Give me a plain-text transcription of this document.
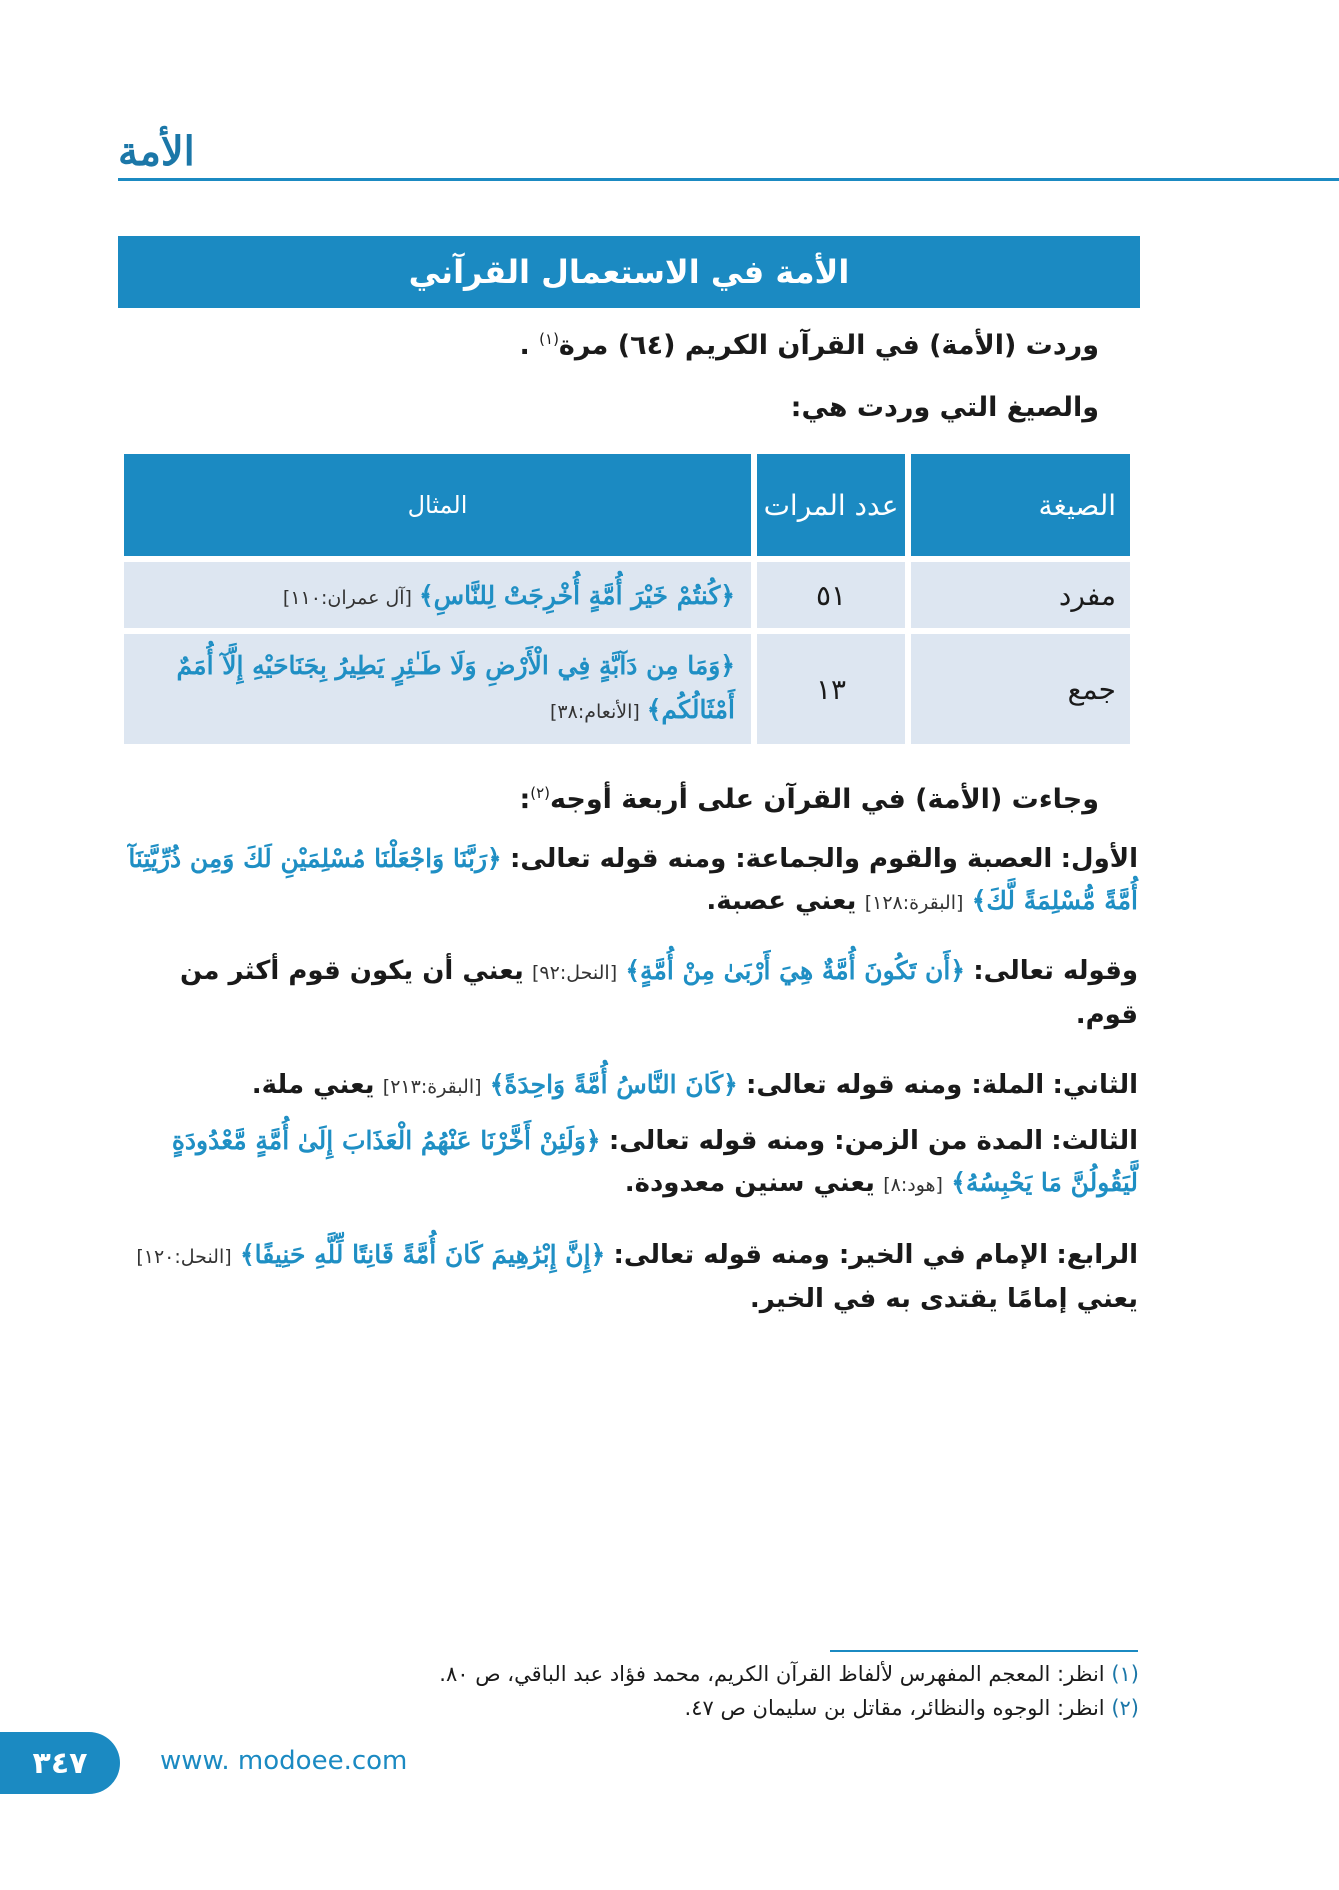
الأمة
الأمة في الاستعمال القرآني
وردت (الأمة) في القرآن الكريم (٦٤) مرة$^{(١)}$ .
والصيغ التي وردت هي:
الصيغة	عدد المرات	المثال
مفرد	٥١	﴿كُنتُمْ خَيْرَ أُمَّةٍ أُخْرِجَتْ لِلنَّاسِ﴾ [آل عمران:١١٠]
جمع	١٣	﴿وَمَا مِن دَآبَّةٍ فِي الْأَرْضِ وَلَا طَـٰئِرٍ يَطِيرُ بِجَنَاحَيْهِ إِلَّآ أُمَمٌ أَمْثَالُكُم﴾ [الأنعام:٣٨]
وجاءت (الأمة) في القرآن على أربعة أوجه$^{(٢)}$:
الأول: العصبة والقوم والجماعة: ومنه قوله تعالى: ﴿رَبَّنَا وَاجْعَلْنَا مُسْلِمَيْنِ لَكَ وَمِن ذُرِّيَّتِنَآ أُمَّةً مُّسْلِمَةً لَّكَ﴾ [البقرة:١٢٨] يعني عصبة.
وقوله تعالى: ﴿أَن تَكُونَ أُمَّةٌ هِيَ أَرْبَىٰ مِنْ أُمَّةٍ﴾ [النحل:٩٢] يعني أن يكون قوم أكثر من قوم.
الثاني: الملة: ومنه قوله تعالى: ﴿كَانَ النَّاسُ أُمَّةً وَاحِدَةً﴾ [البقرة:٢١٣] يعني ملة.
الثالث: المدة من الزمن: ومنه قوله تعالى: ﴿وَلَئِنْ أَخَّرْنَا عَنْهُمُ الْعَذَابَ إِلَىٰ أُمَّةٍ مَّعْدُودَةٍ لَّيَقُولُنَّ مَا يَحْبِسُهُ﴾ [هود:٨] يعني سنين معدودة.
الرابع: الإمام في الخير: ومنه قوله تعالى: ﴿إِنَّ إِبْرَٰهِيمَ كَانَ أُمَّةً قَانِتًا لِّلَّهِ حَنِيفًا﴾ [النحل:١٢٠] يعني إمامًا يقتدى به في الخير.
(١) انظر: المعجم المفهرس لألفاظ القرآن الكريم، محمد فؤاد عبد الباقي، ص ٨٠.
(٢) انظر: الوجوه والنظائر، مقاتل بن سليمان ص ٤٧.
٣٤٧	www. modoee.com
